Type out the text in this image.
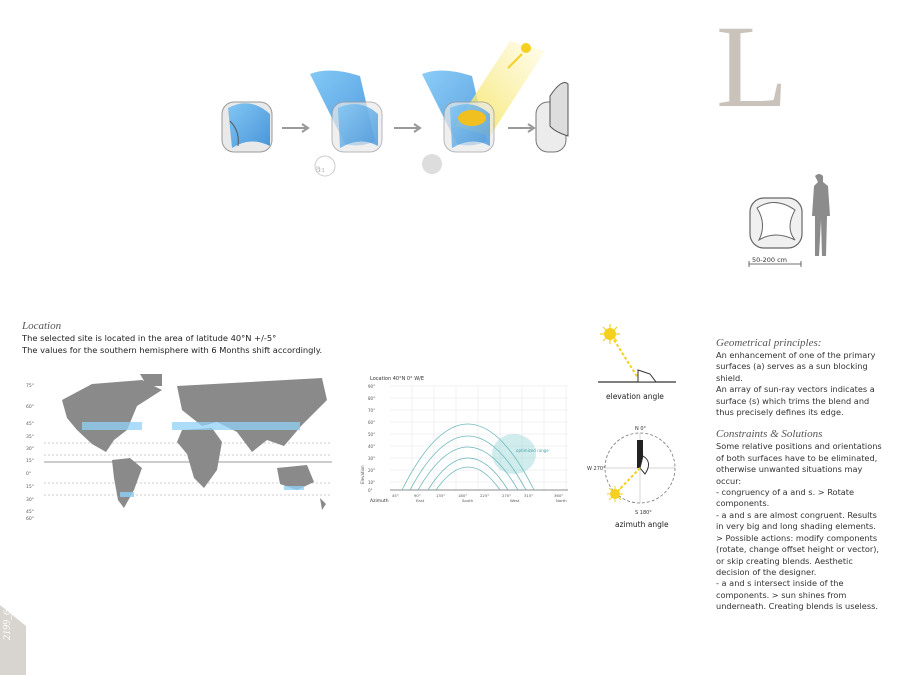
L
a₁
50-200 cm
Location
The selected site is located in the area of latitude 40°N +/-5°
The values for the southern hemisphere with 6 Months shift accordingly.
75°
60°
45°
35°
30°
15°
0°
15°
30°
45°
60°
Location 40°N 0° W/E
90°
80°
70°
60°
50°
40°
30°
20°
10°
0°
Elevation
45°	90°	135°	180°	225°	270°	315°	360°
East	South	West	North
Azimuth
optimized range
elevation angle
N 0°
W 270°
S 180°
azimuth angle
Geometrical principles:
An enhancement of one of the primary surfaces (a) serves as a sun blocking shield.
An array of sun-ray vectors indicates a surface (s) which trims the blend and thus precisely defines its edge.
Constraints & Solutions
Some relative positions and orientations of both surfaces have to be eliminated, otherwise unwanted situations may occur:
- congruency of a and s. > Rotate components.
- a and s are almost congruent. Results in very big and long shading elements.
> Possible actions: modify components (rotate, change offset height or vector), or skip creating blends. Aesthetic decision of the designer.
- a and s intersect inside of the components. > sun shines from underneath. Creating blends is useless.
2199_6
